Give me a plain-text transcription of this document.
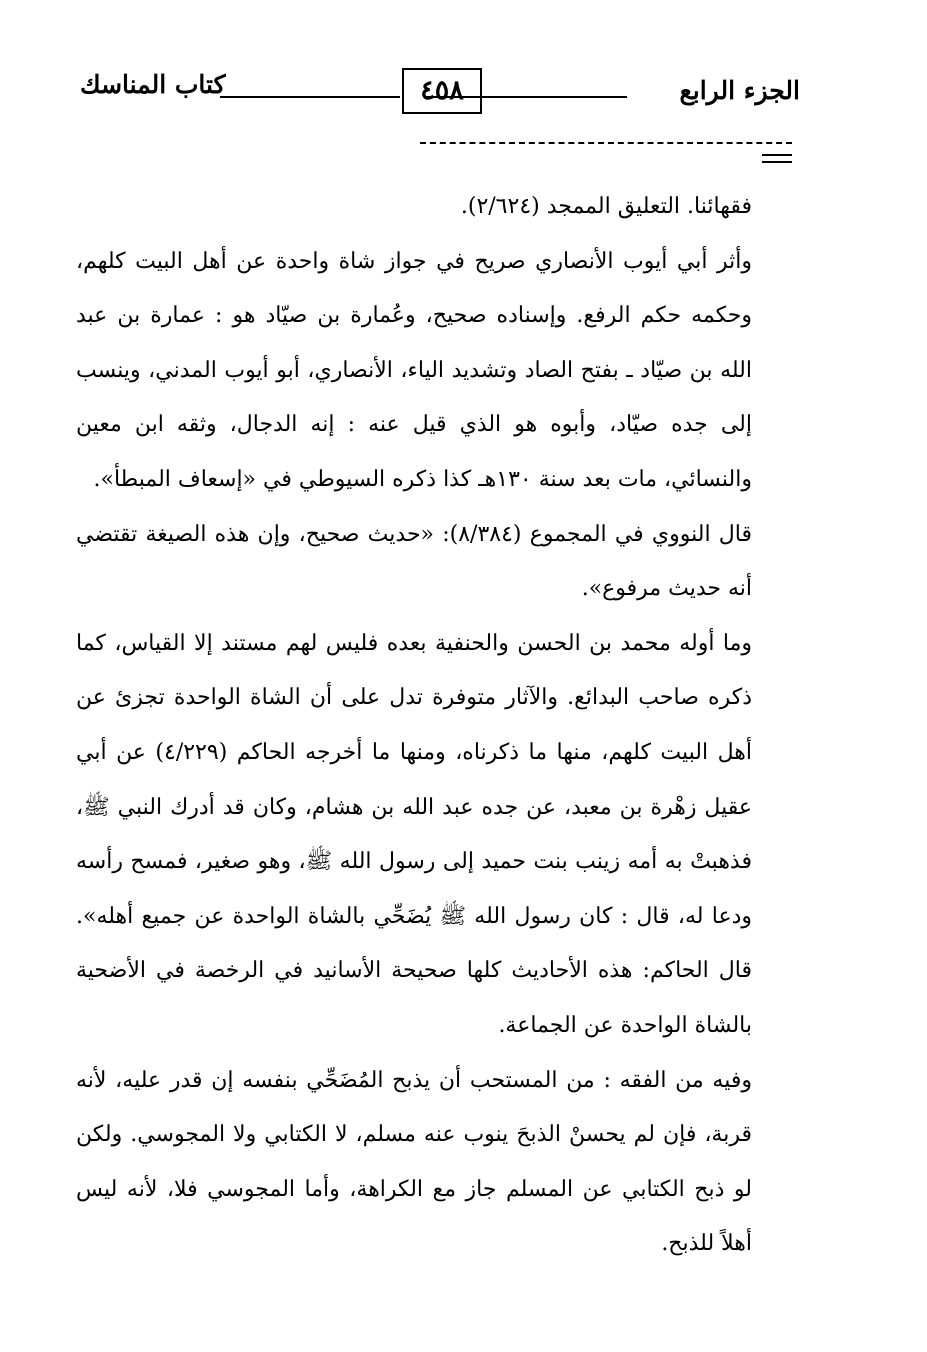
الجزء الرابع
٤٥٨
كتاب المناسك

فقهائنا. التعليق الممجد (٢/٦٢٤).

وأثر أبي أيوب الأنصاري صريح في جواز شاة واحدة عن أهل البيت كلهم، وحكمه حكم الرفع. وإسناده صحيح، وعُمارة بن صيّاد هو : عمارة بن عبد الله بن صيّاد ـ بفتح الصاد وتشديد الياء، الأنصاري، أبو أيوب المدني، وينسب إلى جده صيّاد، وأبوه هو الذي قيل عنه : إنه الدجال، وثقه ابن معين والنسائي، مات بعد سنة ١٣٠هـ كذا ذكره السيوطي في «إسعاف المبطأ».

قال النووي في المجموع (٨/٣٨٤): «حديث صحيح، وإن هذه الصيغة تقتضي أنه حديث مرفوع».

وما أوله محمد بن الحسن والحنفية بعده فليس لهم مستند إلا القياس، كما ذكره صاحب البدائع. والآثار متوفرة تدل على أن الشاة الواحدة تجزئ عن أهل البيت كلهم، منها ما ذكرناه، ومنها ما أخرجه الحاكم (٤/٢٢٩) عن أبي عقيل زهْرة بن معبد، عن جده عبد الله بن هشام، وكان قد أدرك النبي ﷺ، فذهبتْ به أمه زينب بنت حميد إلى رسول الله ﷺ، وهو صغير، فمسح رأسه ودعا له، قال : كان رسول الله ﷺ يُضَحِّي بالشاة الواحدة عن جميع أهله». قال الحاكم: هذه الأحاديث كلها صحيحة الأسانيد في الرخصة في الأضحية بالشاة الواحدة عن الجماعة.

وفيه من الفقه : من المستحب أن يذبح المُضَحِّي بنفسه إن قدر عليه، لأنه قربة، فإن لم يحسنْ الذبحَ ينوب عنه مسلم، لا الكتابي ولا المجوسي. ولكن لو ذبح الكتابي عن المسلم جاز مع الكراهة، وأما المجوسي فلا، لأنه ليس أهلاً للذبح.
